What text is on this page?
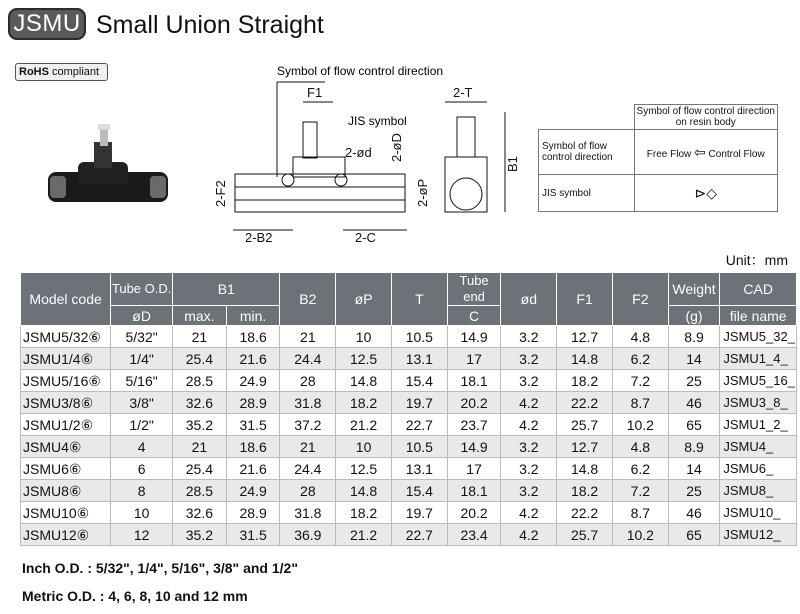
JSMU Small Union Straight
RoHS compliant
F1
2-B2	2-C
2-ød 2-øD
2-øP
2-F2
2-T
B1
Symbol of flow control direction
JIS symbol
	Symbol of flow control direction on resin body
Symbol of flow control direction	Free Flow ⇦ Control Flow
JIS symbol	⊳◇
Unit：mm
Model code	Tube O.D.	B1		B2	øP	T	Tube end	ød	F1	F2	Weight	CAD
	øD	max.	min.				C				(g)	file name
JSMU5/32⑥	5/32"	21	18.6	21	10	10.5	14.9	3.2	12.7	4.8	8.9	JSMU5_32_
JSMU1/4⑥	1/4"	25.4	21.6	24.4	12.5	13.1	17	3.2	14.8	6.2	14	JSMU1_4_
JSMU5/16⑥	5/16"	28.5	24.9	28	14.8	15.4	18.1	3.2	18.2	7.2	25	JSMU5_16_
JSMU3/8⑥	3/8"	32.6	28.9	31.8	18.2	19.7	20.2	4.2	22.2	8.7	46	JSMU3_8_
JSMU1/2⑥	1/2"	35.2	31.5	37.2	21.2	22.7	23.7	4.2	25.7	10.2	65	JSMU1_2_
JSMU4⑥	4	21	18.6	21	10	10.5	14.9	3.2	12.7	4.8	8.9	JSMU4_
JSMU6⑥	6	25.4	21.6	24.4	12.5	13.1	17	3.2	14.8	6.2	14	JSMU6_
JSMU8⑥	8	28.5	24.9	28	14.8	15.4	18.1	3.2	18.2	7.2	25	JSMU8_
JSMU10⑥	10	32.6	28.9	31.8	18.2	19.7	20.2	4.2	22.2	8.7	46	JSMU10_
JSMU12⑥	12	35.2	31.5	36.9	21.2	22.7	23.4	4.2	25.7	10.2	65	JSMU12_
Inch O.D. : 5/32", 1/4", 5/16", 3/8" and 1/2"
Metric O.D. : 4, 6, 8, 10 and 12 mm
